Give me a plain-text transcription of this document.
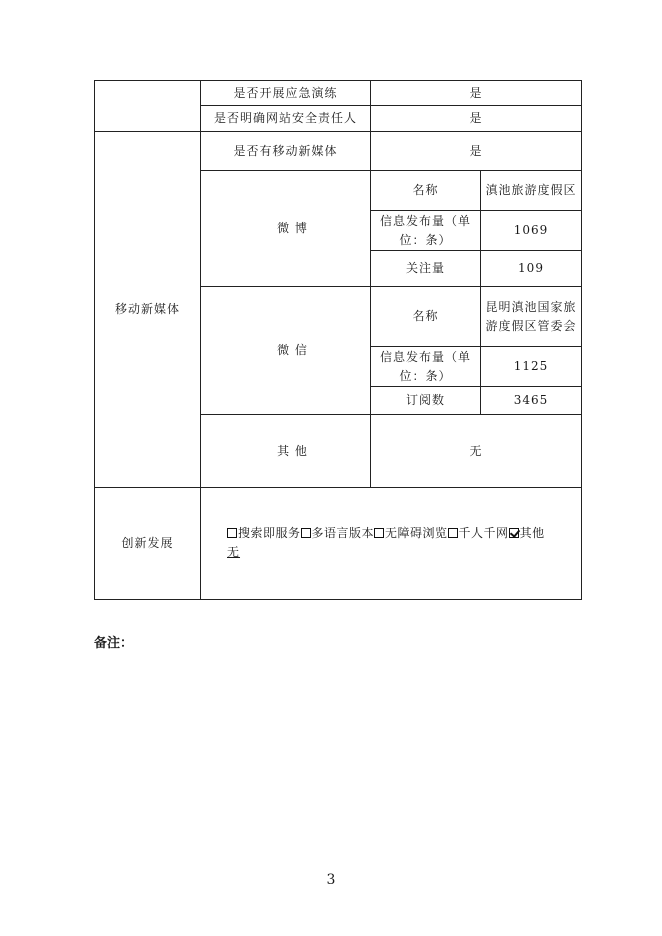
	是否开展应急演练	是	
	是否明确网站安全责任人	是	
移动新媒体	是否有移动新媒体	是	
	微 博	名称	滇池旅游度假区
		信息发布量（单位：条）	1069
		关注量	109
	微 信	名称	昆明滇池国家旅游度假区管委会
		信息发布量（单位：条）	1125
		订阅数	3465
	其 他	无	
创新发展	搜索即服务 多语言版本 无障碍浏览 千人千网 其他
无		
备注：
3
